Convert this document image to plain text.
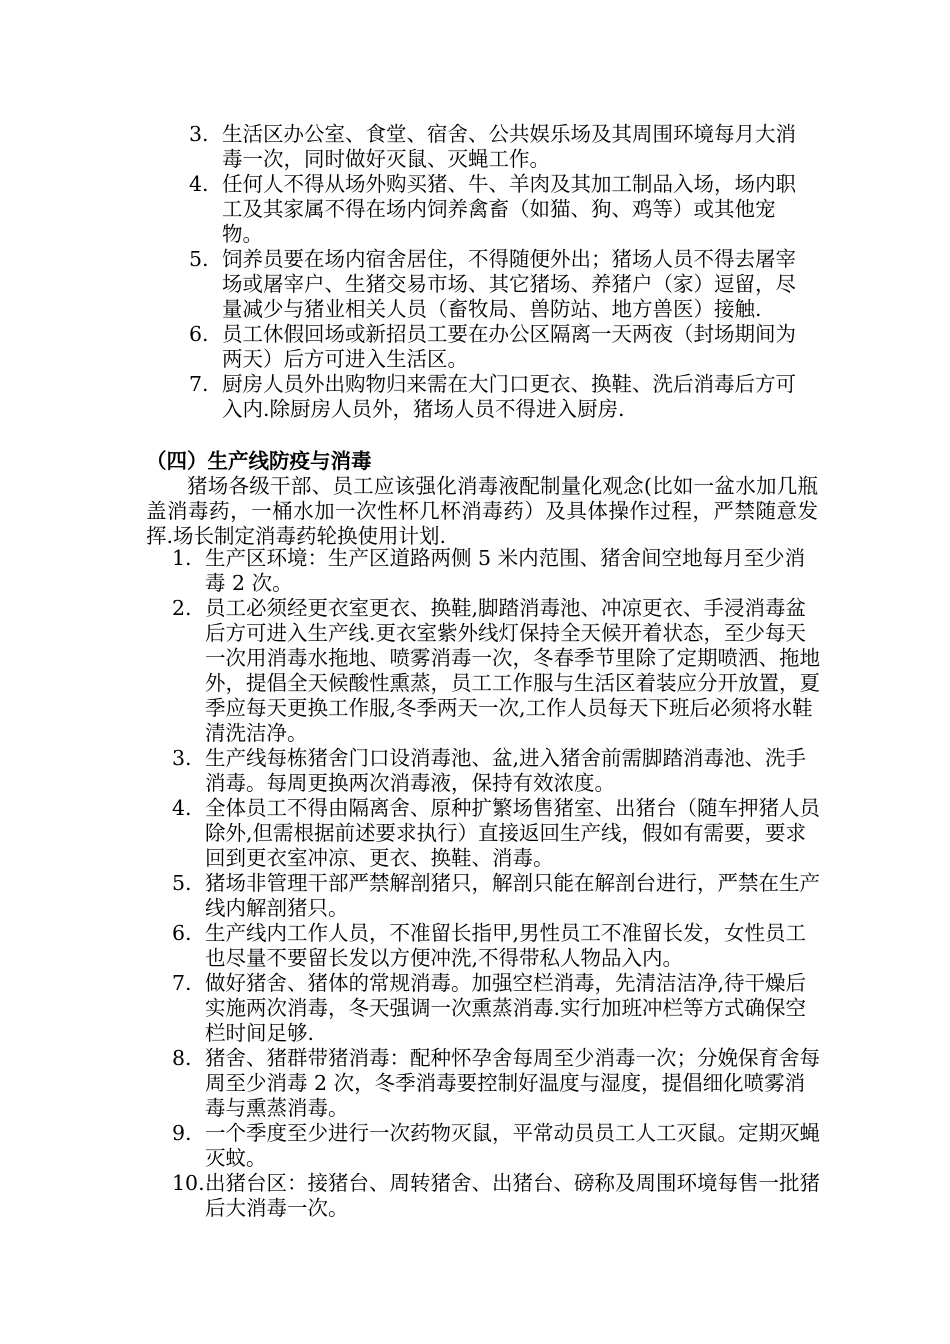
3. 生活区办公室、食堂、宿舍、公共娱乐场及其周围环境每月大消毒一次，同时做好灭鼠、灭蝇工作。
4. 任何人不得从场外购买猪、牛、羊肉及其加工制品入场，场内职工及其家属不得在场内饲养禽畜（如猫、狗、鸡等）或其他宠物。
5. 饲养员要在场内宿舍居住，不得随便外出；猪场人员不得去屠宰场或屠宰户、生猪交易市场、其它猪场、养猪户（家）逗留，尽量减少与猪业相关人员（畜牧局、兽防站、地方兽医）接触.
6. 员工休假回场或新招员工要在办公区隔离一天两夜（封场期间为两天）后方可进入生活区。
7. 厨房人员外出购物归来需在大门口更衣、换鞋、洗后消毒后方可入内.除厨房人员外，猪场人员不得进入厨房.
（四）生产线防疫与消毒

猪场各级干部、员工应该强化消毒液配制量化观念(比如一盆水加几瓶盖消毒药，一桶水加一次性杯几杯消毒药）及具体操作过程，严禁随意发挥.场长制定消毒药轮换使用计划.

1. 生产区环境：生产区道路两侧 5 米内范围、猪舍间空地每月至少消毒 2 次。
2. 员工必须经更衣室更衣、换鞋,脚踏消毒池、冲凉更衣、手浸消毒盆后方可进入生产线.更衣室紫外线灯保持全天候开着状态，至少每天一次用消毒水拖地、喷雾消毒一次，冬春季节里除了定期喷洒、拖地外，提倡全天候酸性熏蒸，员工工作服与生活区着装应分开放置，夏季应每天更换工作服,冬季两天一次,工作人员每天下班后必须将水鞋清洗洁净。
3. 生产线每栋猪舍门口设消毒池、盆,进入猪舍前需脚踏消毒池、洗手消毒。每周更换两次消毒液，保持有效浓度。
4. 全体员工不得由隔离舍、原种扩繁场售猪室、出猪台（随车押猪人员除外,但需根据前述要求执行）直接返回生产线，假如有需要，要求回到更衣室冲凉、更衣、换鞋、消毒。
5. 猪场非管理干部严禁解剖猪只，解剖只能在解剖台进行，严禁在生产线内解剖猪只。
6. 生产线内工作人员，不准留长指甲,男性员工不准留长发，女性员工也尽量不要留长发以方便冲洗,不得带私人物品入内。
7. 做好猪舍、猪体的常规消毒。加强空栏消毒，先清洁洁净,待干燥后实施两次消毒，冬天强调一次熏蒸消毒.实行加班冲栏等方式确保空栏时间足够.
8. 猪舍、猪群带猪消毒：配种怀孕舍每周至少消毒一次；分娩保育舍每周至少消毒 2 次，冬季消毒要控制好温度与湿度，提倡细化喷雾消毒与熏蒸消毒。
9. 一个季度至少进行一次药物灭鼠，平常动员员工人工灭鼠。定期灭蝇灭蚊。
10. 出猪台区：接猪台、周转猪舍、出猪台、磅称及周围环境每售一批猪后大消毒一次。
